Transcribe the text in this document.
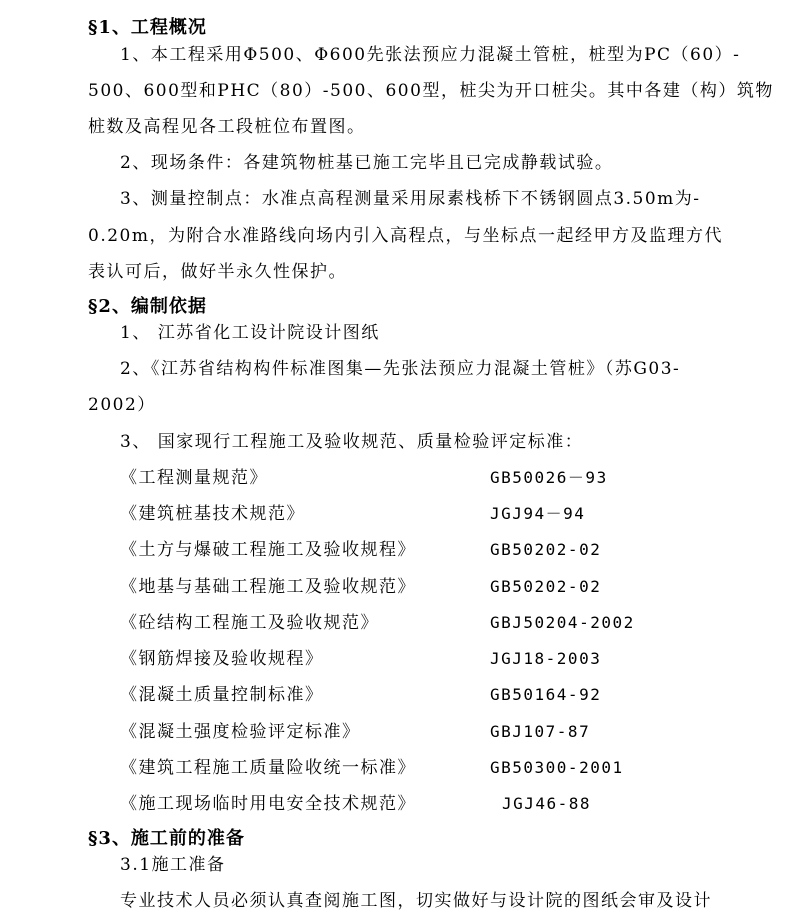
§1、工程概况
1、本工程采用Φ500、Φ600先张法预应力混凝土管桩，桩型为PC（60）-
500、600型和PHC（80）-500、600型，桩尖为开口桩尖。其中各建（构）筑物
桩数及高程见各工段桩位布置图。
2、现场条件：各建筑物桩基已施工完毕且已完成静载试验。
3、测量控制点：水准点高程测量采用尿素栈桥下不锈钢圆点3.50m为-
0.20m，为附合水准路线向场内引入高程点，与坐标点一起经甲方及监理方代
表认可后，做好半永久性保护。
§2、编制依据
1、 江苏省化工设计院设计图纸
2、《江苏省结构构件标准图集—先张法预应力混凝土管桩》（苏G03-
2002）
3、 国家现行工程施工及验收规范、质量检验评定标准：
《工程测量规范》	GB50026－93
《建筑桩基技术规范》	JGJ94－94
《土方与爆破工程施工及验收规程》	GB50202-02
《地基与基础工程施工及验收规范》	GB50202-02
《砼结构工程施工及验收规范》	GBJ50204-2002
《钢筋焊接及验收规程》	JGJ18-2003
《混凝土质量控制标准》	GB50164-92
《混凝土强度检验评定标准》	GBJ107-87
《建筑工程施工质量险收统一标准》	GB50300-2001
《施工现场临时用电安全技术规范》	JGJ46-88
§3、施工前的准备
3.1施工准备
专业技术人员必须认真查阅施工图，切实做好与设计院的图纸会审及设计
